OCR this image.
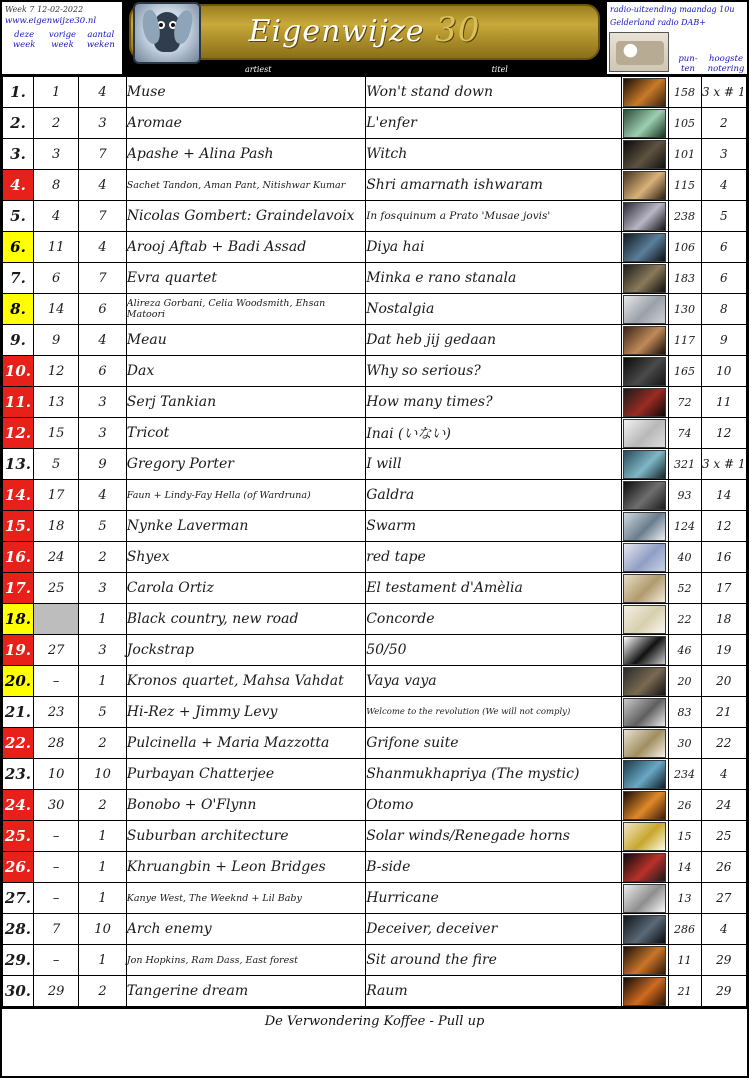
Week 7 12-02-2022
www.eigenwijze30.nl
deze
week
vorige
week
aantal
weken	Eigenwijze 30
artiest	titel
radio-uitzending maandag 10u
Gelderland radio DAB+
pun-
ten
hoogste
notering
1.	1	4	Muse	Won't stand down		158	3 x # 1
2.	2	3	Aromae	L'enfer		105	2
3.	3	7	Apashe + Alina Pash	Witch		101	3
4.	8	4	Sachet Tandon, Aman Pant, Nitishwar Kumar	Shri amarnath ishwaram		115	4
5.	4	7	Nicolas Gombert: Graindelavoix	In fosquinum a Prato 'Musae jovis'		238	5
6.	11	4	Arooj Aftab + Badi Assad	Diya hai		106	6
7.	6	7	Evra quartet	Minka e rano stanala		183	6
8.	14	6	Alireza Gorbani, Celia Woodsmith, Ehsan Matoori	Nostalgia		130	8
9.	9	4	Meau	Dat heb jij gedaan		117	9
10.	12	6	Dax	Why so serious?		165	10
11.	13	3	Serj Tankian	How many times?		72	11
12.	15	3	Tricot	Inai (いない)		74	12
13.	5	9	Gregory Porter	I will		321	3 x # 1
14.	17	4	Faun + Lindy-Fay Hella (of Wardruna)	Galdra		93	14
15.	18	5	Nynke Laverman	Swarm		124	12
16.	24	2	Shyex	red tape		40	16
17.	25	3	Carola Ortiz	El testament d'Amèlia		52	17
18.		1	Black country, new road	Concorde		22	18
19.	27	3	Jockstrap	50/50		46	19
20.	–	1	Kronos quartet, Mahsa Vahdat	Vaya vaya		20	20
21.	23	5	Hi-Rez + Jimmy Levy	Welcome to the revolution (We will not comply)		83	21
22.	28	2	Pulcinella + Maria Mazzotta	Grifone suite		30	22
23.	10	10	Purbayan Chatterjee	Shanmukhapriya (The mystic)		234	4
24.	30	2	Bonobo + O'Flynn	Otomo		26	24
25.	–	1	Suburban architecture	Solar winds/Renegade horns		15	25
26.	–	1	Khruangbin + Leon Bridges	B-side		14	26
27.	–	1	Kanye West, The Weeknd + Lil Baby	Hurricane		13	27
28.	7	10	Arch enemy	Deceiver, deceiver		286	4
29.	–	1	Jon Hopkins, Ram Dass, East forest	Sit around the fire		11	29
30.	29	2	Tangerine dream	Raum		21	29
De Verwondering Koffee - Pull up
